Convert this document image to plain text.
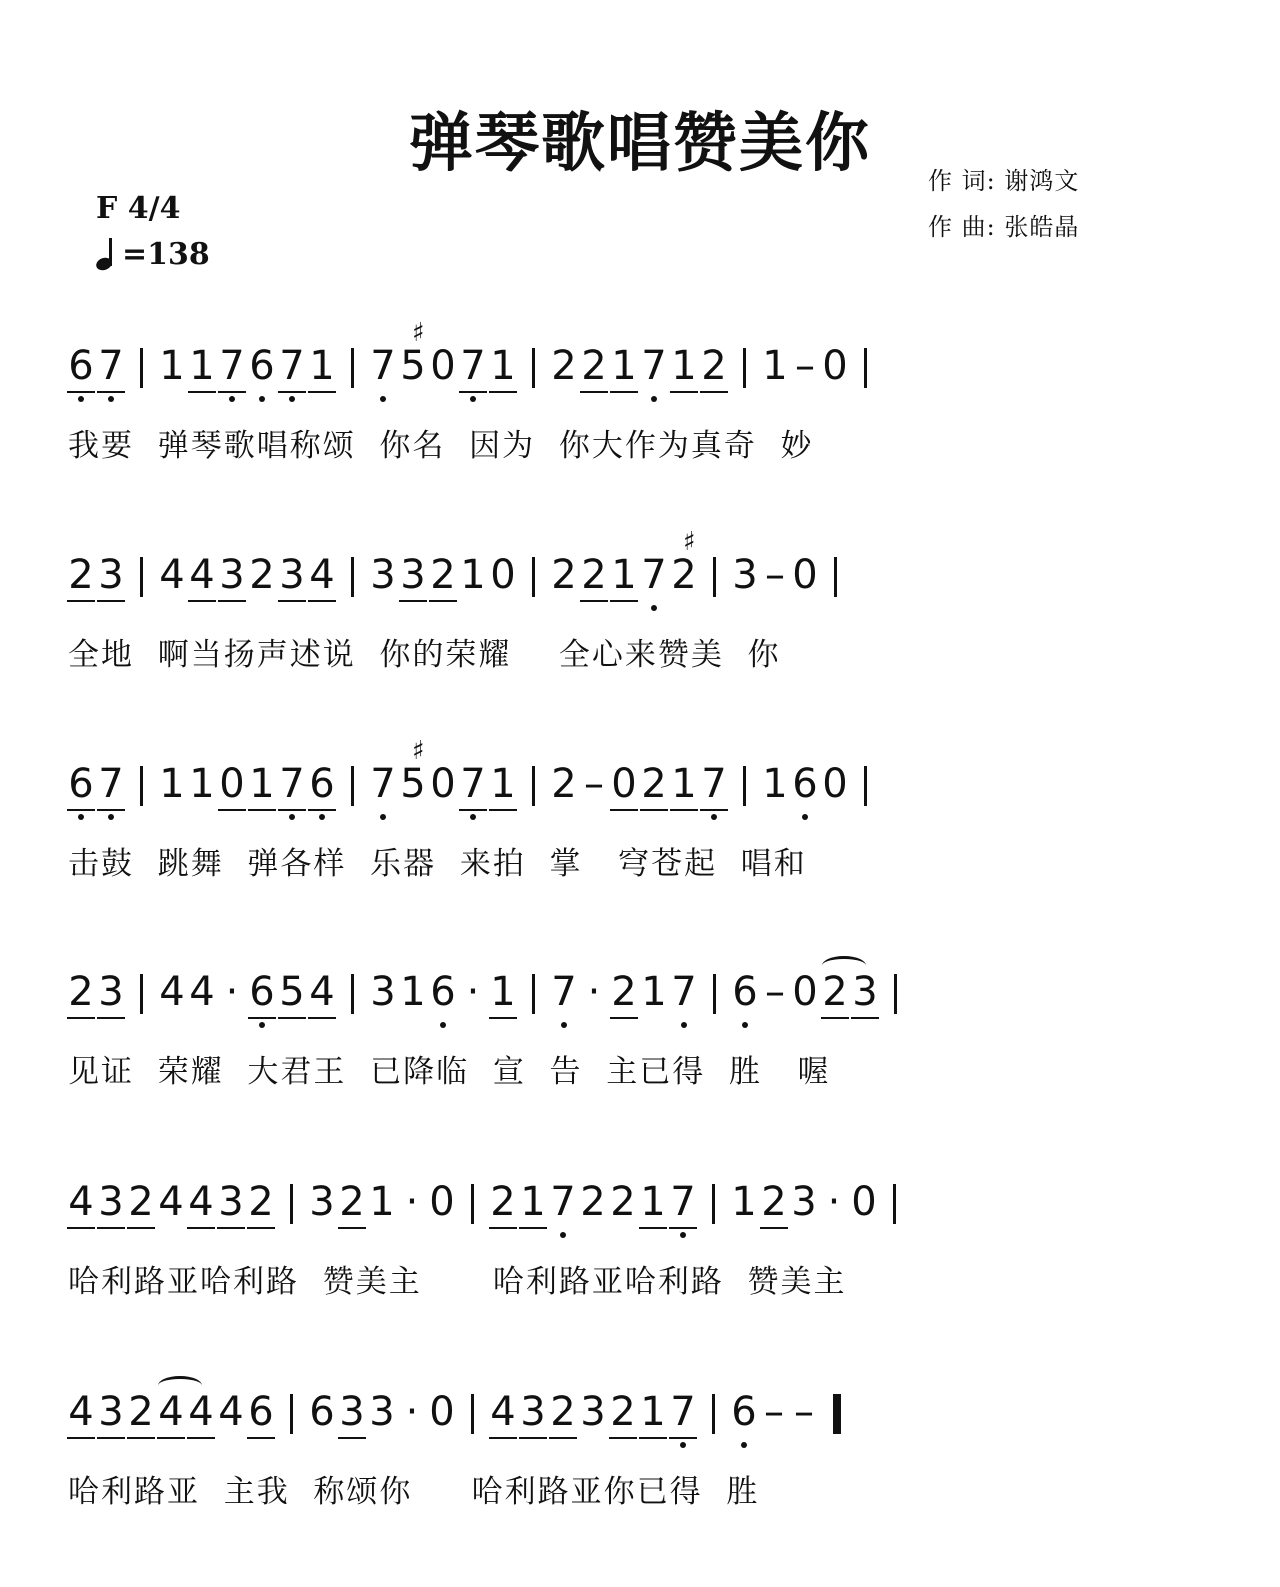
弹琴歌唱赞美你
F 4/4
=138
作 词: 谢鸿文
作 曲: 张皓晶
6 7 1 1 7 6 7 1 7 ♯ 5 0 7 1 2 2 1 7 1 2 1 – 0
我要  弹琴歌唱称颂  你名  因为  你大作为真奇  妙
2 3 4 4 3 2 3 4 3 3 2 1 0 2 2 1 7 ♯ 2 3 – 0
全地  啊当扬声述说  你的荣耀    全心来赞美  你
6 7 1 1 0 1 7 6 7 ♯ 5 0 7 1 2 – 0 2 1 7 1 6 0
击鼓  跳舞  弹各样  乐器  来拍  掌   穹苍起  唱和
2 3 4 4 · 6 5 4 3 1 6 · 1 7 · 2 1 7 6 – 0 2 3
见证  荣耀  大君王  已降临  宣  告  主已得  胜   喔
4 3 2 4 4 3 2 3 2 1 · 0 2 1 7 2 2 1 7 1 2 3 · 0
哈利路亚哈利路  赞美主      哈利路亚哈利路  赞美主
4 3 2 4 4 4 6 6 3 3 · 0 4 3 2 3 2 1 7 6 – –
哈利路亚  主我  称颂你     哈利路亚你已得  胜
